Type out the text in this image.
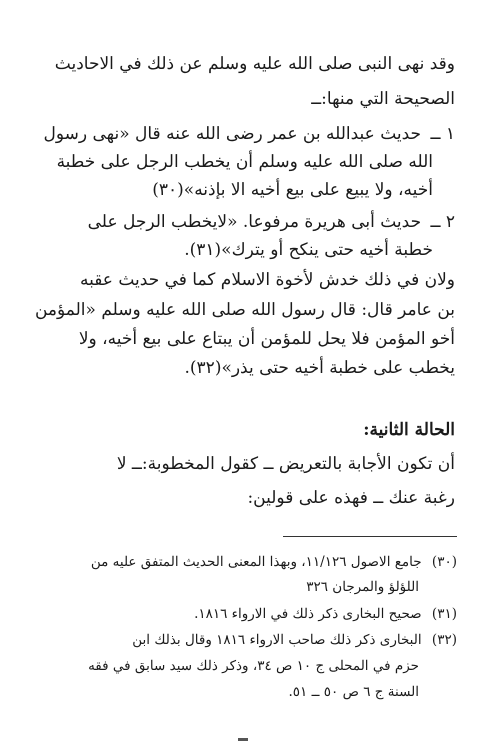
وقد نهى النبى صلى الله عليه وسلم عن ذلك في الاحاديث
الصحيحة التي منها:ــ
١ ــ حديث عبدالله بن عمر رضى الله عنه قال «نهى رسول
الله صلى الله عليه وسلم أن يخطب الرجل على خطبة
أخيه، ولا يبيع على بيع أخيه الا بإذنه»(٣٠)
٢ ــ حديث أبى هريرة مرفوعا. «لايخطب الرجل على
خطبة أخيه حتى ينكح أو يترك»(٣١).
ولان في ذلك خدش لأخوة الاسلام كما في حديث عقبه
بن عامر قال: قال رسول الله صلى الله عليه وسلم «المؤمن
أخو المؤمن فلا يحل للمؤمن أن يبتاع على بيع أخيه، ولا
يخطب على خطبة أخيه حتى يذر»(٣٢).
الحالة الثانية:
أن تكون الأجابة بالتعريض ــ كقول المخطوبة:ــ لا
رغبة عنك ــ فهذه على قولين:
(٣٠) جامع الاصول ١١/١٢٦، وبهذا المعنى الحديث المتفق عليه من
اللؤلؤ والمرجان ٣٢٦
(٣١) صحيح البخارى ذكر ذلك في الارواء ١٨١٦.
(٣٢) البخارى ذكر ذلك صاحب الارواء ١٨١٦ وقال بذلك ابن
حزم في المحلى ج ١٠ ص ٣٤، وذكر ذلك سيد سابق في فقه
السنة ج ٦ ص ٥٠ ــ ٥١.
